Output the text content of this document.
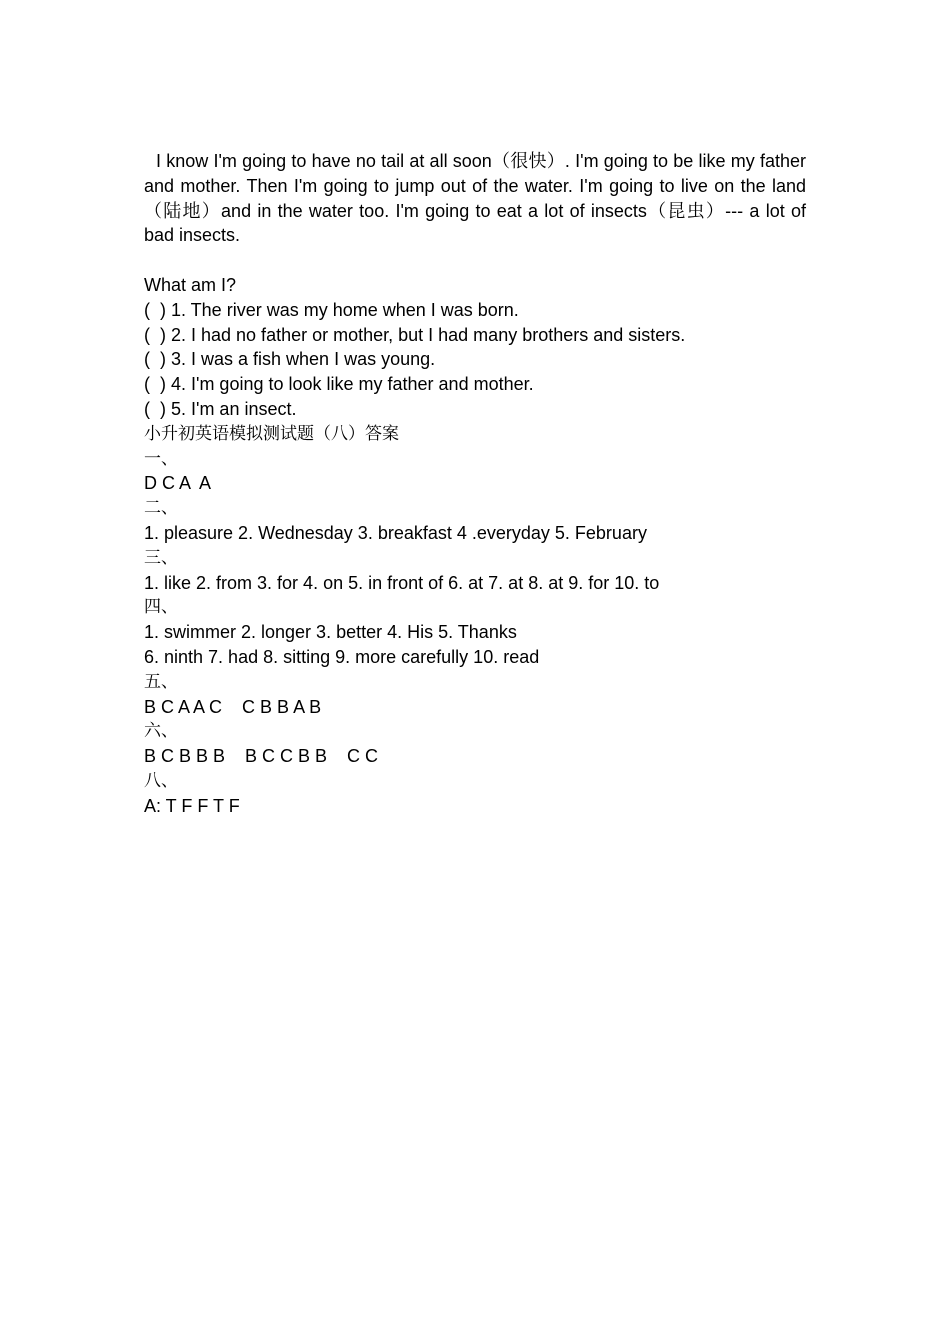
I know I'm going to have no tail at all soon（很快）. I'm going to be like my father and mother. Then I'm going to jump out of the water. I'm going to live on the land（陆地）and in the water too. I'm going to eat a lot of insects（昆虫）--- a lot of bad insects.

What am I?

(  ) 1. The river was my home when I was born.

(  ) 2. I had no father or mother, but I had many brothers and sisters.

(  ) 3. I was a fish when I was young.

(  ) 4. I'm going to look like my father and mother.

(  ) 5. I'm an insect.

小升初英语模拟测试题（八）答案

一、

D C A  A

二、

1. pleasure 2. Wednesday 3. breakfast 4 .everyday 5. February

三、

1. like 2. from 3. for 4. on 5. in front of 6. at 7. at 8. at 9. for 10. to

四、

1. swimmer 2. longer 3. better 4. His 5. Thanks

6. ninth 7. had 8. sitting 9. more carefully 10. read

五、

B C A A C    C B B A B

六、

B C B B B    B C C B B    C C

八、

A: T F F T F
